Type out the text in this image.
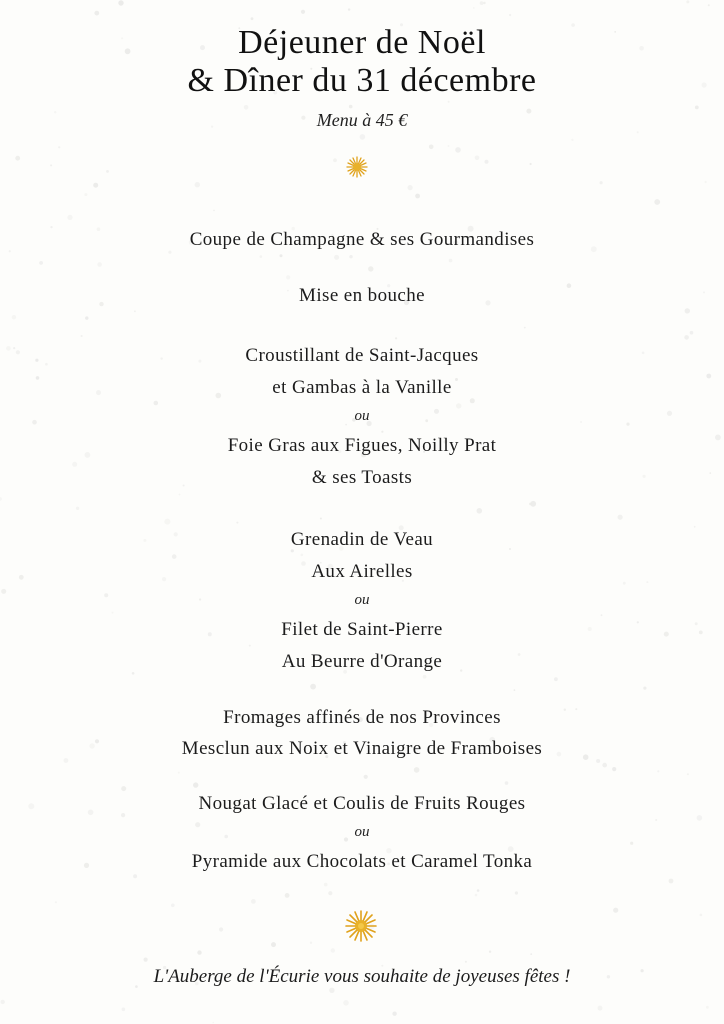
Déjeuner de Noël
& Dîner du 31 décembre
Menu à 45 €
Coupe de Champagne & ses Gourmandises
Mise en bouche
Croustillant de Saint-Jacques
et Gambas à la Vanille
ou
Foie Gras aux Figues, Noilly Prat
& ses Toasts
Grenadin de Veau
Aux Airelles
ou
Filet de Saint-Pierre
Au Beurre d'Orange
Fromages affinés de nos Provinces
Mesclun aux Noix et Vinaigre de Framboises
Nougat Glacé et Coulis de Fruits Rouges
ou
Pyramide aux Chocolats et Caramel Tonka
L'Auberge de l'Écurie vous souhaite de joyeuses fêtes !
